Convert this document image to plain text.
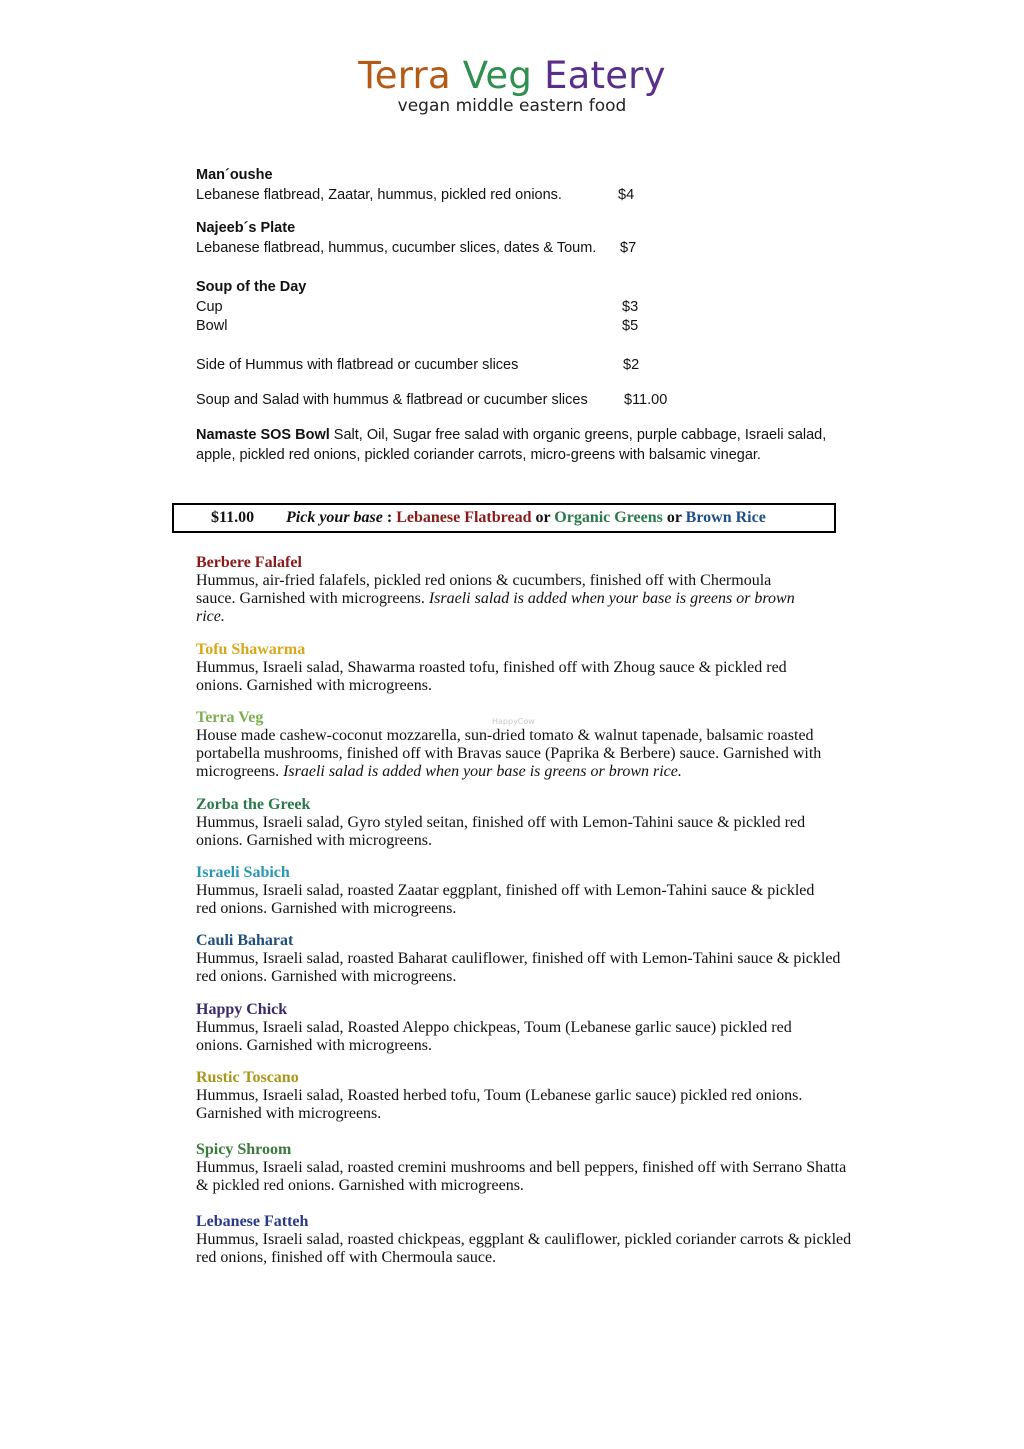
Terra Veg Eatery
vegan middle eastern food
Man´oushe
Lebanese flatbread, Zaatar, hummus, pickled red onions.	$4
Najeeb´s Plate
Lebanese flatbread, hummus, cucumber slices, dates & Toum. $7
Soup of the Day
Cup	$3
Bowl	$5
Side of Hummus with flatbread or cucumber slices	$2
Soup and Salad with hummus & flatbread or cucumber slices	$11.00
Namaste SOS Bowl Salt, Oil, Sugar free salad with organic greens, purple cabbage, Israeli salad, apple, pickled red onions, pickled coriander carrots, micro-greens with balsamic vinegar.
$11.00 Pick your base : Lebanese Flatbread or Organic Greens or Brown Rice
Berbere Falafel
Hummus, air-fried falafels, pickled red onions & cucumbers, finished off with Chermoula sauce. Garnished with microgreens. Israeli salad is added when your base is greens or brown rice.
Tofu Shawarma
Hummus, Israeli salad, Shawarma roasted tofu, finished off with Zhoug sauce & pickled red onions. Garnished with microgreens.
Terra Veg
House made cashew-coconut mozzarella, sun-dried tomato & walnut tapenade, balsamic roasted portabella mushrooms, finished off with Bravas sauce (Paprika & Berbere) sauce. Garnished with microgreens. Israeli salad is added when your base is greens or brown rice.
Zorba the Greek
Hummus, Israeli salad, Gyro styled seitan, finished off with Lemon-Tahini sauce & pickled red onions. Garnished with microgreens.
Israeli Sabich
Hummus, Israeli salad, roasted Zaatar eggplant, finished off with Lemon-Tahini sauce & pickled red onions. Garnished with microgreens.
Cauli Baharat
Hummus, Israeli salad, roasted Baharat cauliflower, finished off with Lemon-Tahini sauce & pickled red onions. Garnished with microgreens.
Happy Chick
Hummus, Israeli salad, Roasted Aleppo chickpeas, Toum (Lebanese garlic sauce) pickled red onions. Garnished with microgreens.
Rustic Toscano
Hummus, Israeli salad, Roasted herbed tofu, Toum (Lebanese garlic sauce) pickled red onions. Garnished with microgreens.
Spicy Shroom
Hummus, Israeli salad, roasted cremini mushrooms and bell peppers, finished off with Serrano Shatta & pickled red onions. Garnished with microgreens.
Lebanese Fatteh
Hummus, Israeli salad, roasted chickpeas, eggplant & cauliflower, pickled coriander carrots & pickled red onions, finished off with Chermoula sauce.
HappyCow
